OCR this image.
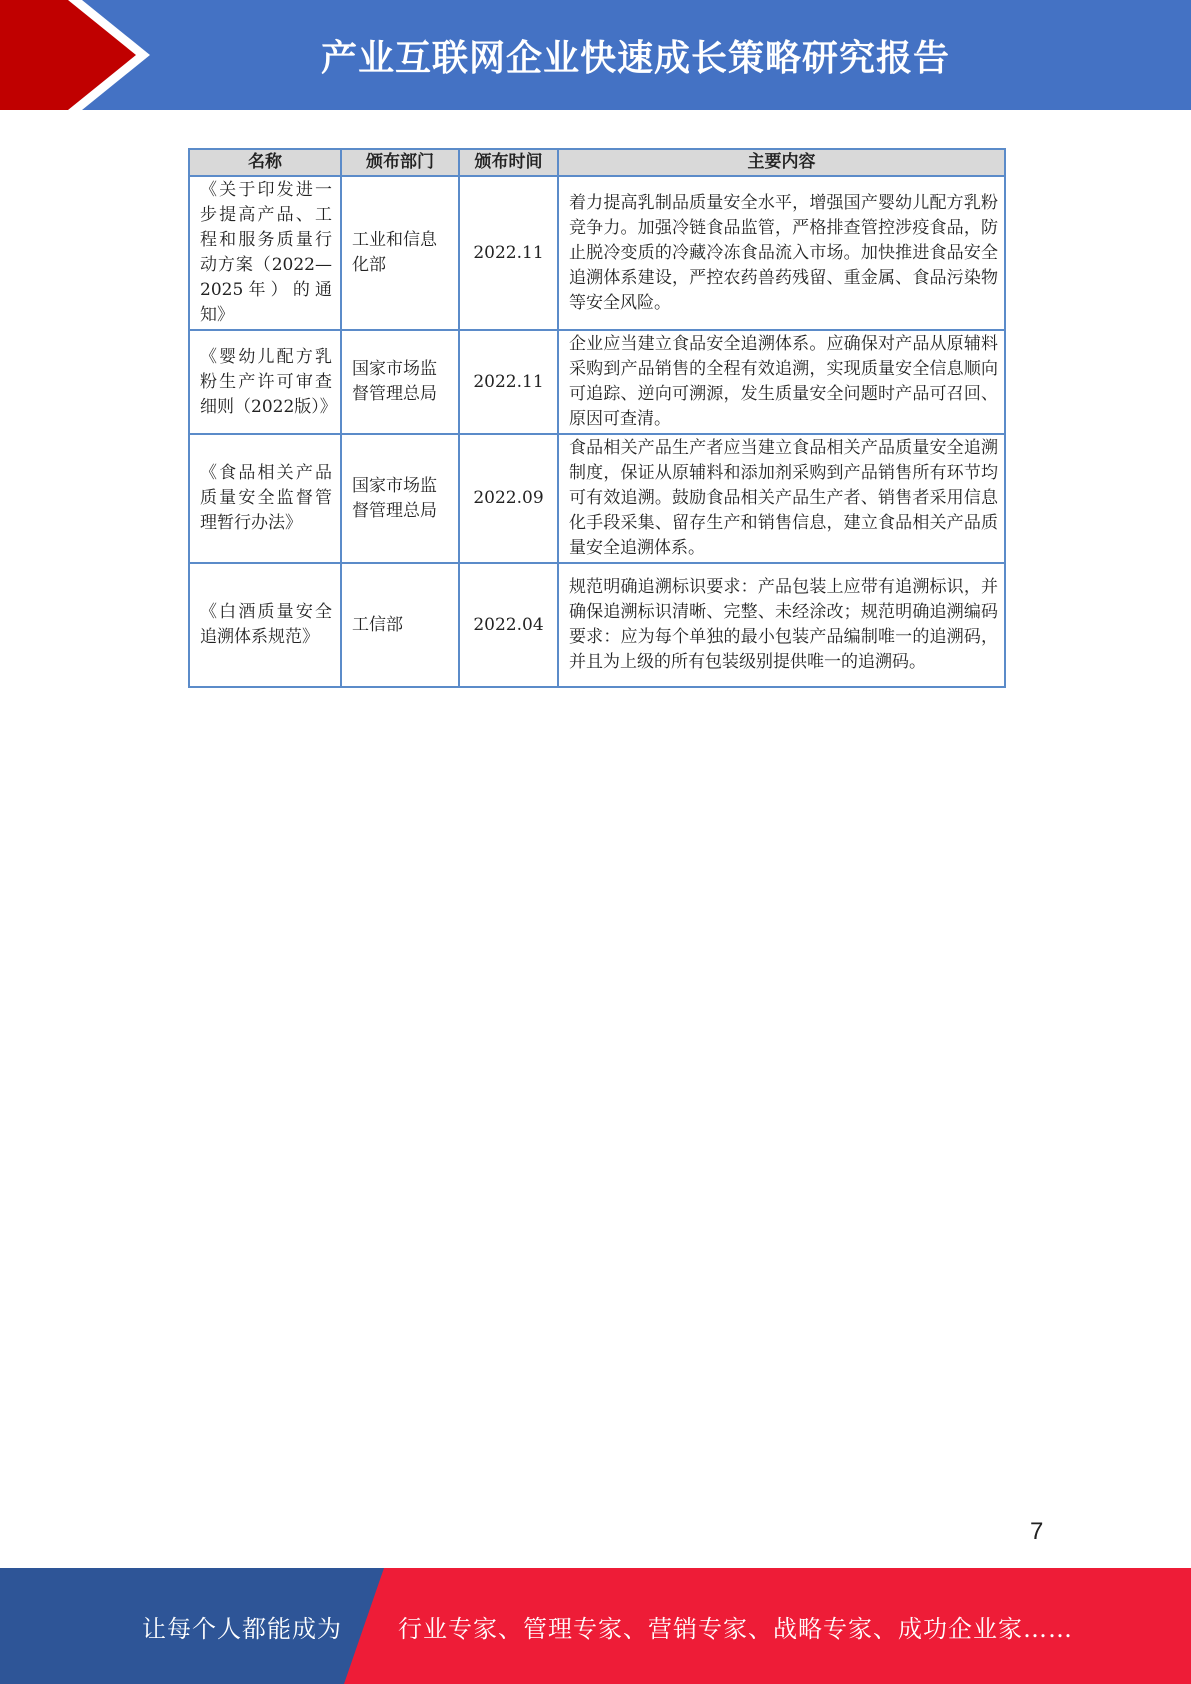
产业互联网企业快速成长策略研究报告
名称	颁布部门	颁布时间	主要内容
《关于印发进一步提高产品、工程和服务质量行动方案（2022—2025年）的通知》	工业和信息化部	2022.11	着力提高乳制品质量安全水平，增强国产婴幼儿配方乳粉竞争力。加强冷链食品监管，严格排查管控涉疫食品，防止脱冷变质的冷藏冷冻食品流入市场。加快推进食品安全追溯体系建设，严控农药兽药残留、重金属、食品污染物等安全风险。
《婴幼儿配方乳粉生产许可审查细则（2022版）》	国家市场监督管理总局	2022.11	企业应当建立食品安全追溯体系。应确保对产品从原辅料采购到产品销售的全程有效追溯，实现质量安全信息顺向可追踪、逆向可溯源，发生质量安全问题时产品可召回、原因可查清。
《食品相关产品质量安全监督管理暂行办法》	国家市场监督管理总局	2022.09	食品相关产品生产者应当建立食品相关产品质量安全追溯制度，保证从原辅料和添加剂采购到产品销售所有环节均可有效追溯。鼓励食品相关产品生产者、销售者采用信息化手段采集、留存生产和销售信息，建立食品相关产品质量安全追溯体系。
《白酒质量安全追溯体系规范》	工信部	2022.04	规范明确追溯标识要求：产品包装上应带有追溯标识，并确保追溯标识清晰、完整、未经涂改；规范明确追溯编码要求：应为每个单独的最小包装产品编制唯一的追溯码，并且为上级的所有包装级别提供唯一的追溯码。
7
让每个人都能成为 行业专家、管理专家、营销专家、战略专家、成功企业家……
